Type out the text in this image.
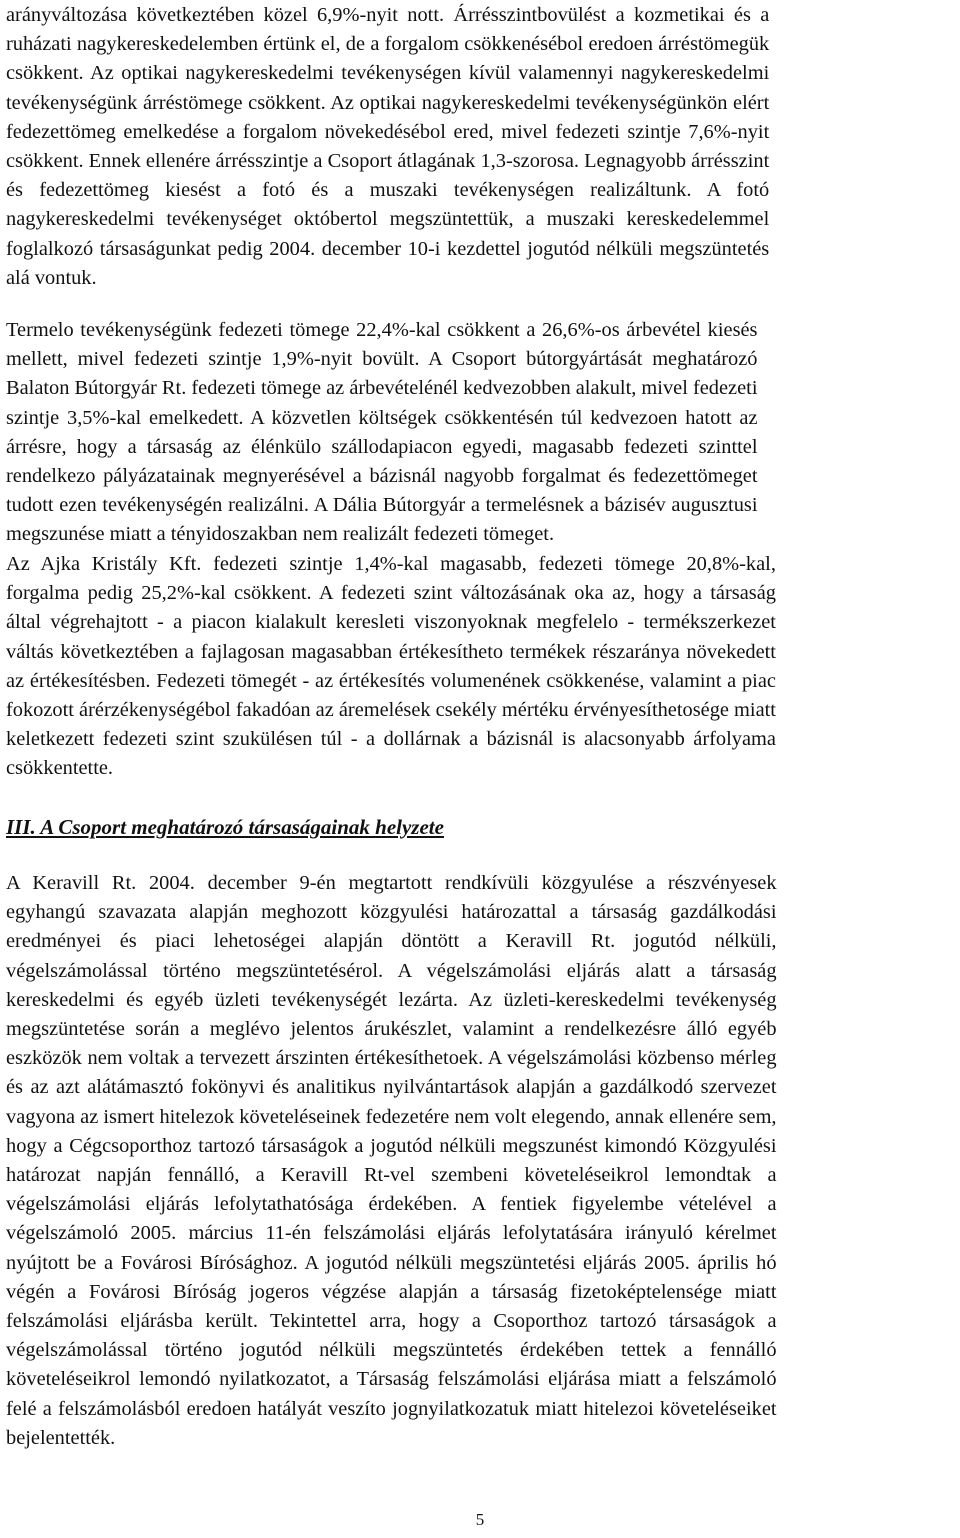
arányváltozása következtében közel 6,9%-nyit nott. Árrésszintbovülést a kozmetikai és a
ruházati nagykereskedelemben értünk el, de a forgalom csökkenésébol eredoen árréstömegük
csökkent. Az optikai nagykereskedelmi tevékenységen kívül valamennyi nagykereskedelmi
tevékenységünk árréstömege csökkent. Az optikai nagykereskedelmi tevékenységünkön elért
fedezettömeg emelkedése a forgalom növekedésébol ered, mivel fedezeti szintje 7,6%-nyit
csökkent. Ennek ellenére árrésszintje a Csoport átlagának 1,3-szorosa. Legnagyobb árrésszint
és fedezettömeg kiesést a fotó és a muszaki tevékenységen realizáltunk. A fotó
nagykereskedelmi tevékenységet októbertol megszüntettük, a muszaki kereskedelemmel
foglalkozó társaságunkat pedig 2004. december 10-i kezdettel jogutód nélküli megszüntetés
alá vontuk.

Termelo tevékenységünk fedezeti tömege 22,4%-kal csökkent a 26,6%-os árbevétel kiesés
mellett, mivel fedezeti szintje 1,9%-nyit bovült. A Csoport bútorgyártását meghatározó
Balaton Bútorgyár Rt. fedezeti tömege az árbevételénél kedvezobben alakult, mivel fedezeti
szintje 3,5%-kal emelkedett. A közvetlen költségek csökkentésén túl kedvezoen hatott az
árrésre, hogy a társaság az élénkülo szállodapiacon egyedi, magasabb fedezeti szinttel
rendelkezo pályázatainak megnyerésével a bázisnál nagyobb forgalmat és fedezettömeget
tudott ezen tevékenységén realizálni. A Dália Bútorgyár a termelésnek a bázisév augusztusi
megszunése miatt a tényidoszakban nem realizált fedezeti tömeget.

Az Ajka Kristály Kft. fedezeti szintje 1,4%-kal magasabb, fedezeti tömege 20,8%-kal,
forgalma pedig 25,2%-kal csökkent. A fedezeti szint változásának oka az, hogy a társaság
által végrehajtott - a piacon kialakult keresleti viszonyoknak megfelelo - termékszerkezet
váltás következtében a fajlagosan magasabban értékesítheto termékek részaránya növekedett
az értékesítésben. Fedezeti tömegét - az értékesítés volumenének csökkenése, valamint a piac
fokozott árérzékenységébol fakadóan az áremelések csekély mértéku érvényesíthetosége miatt
keletkezett fedezeti szint szukülésen túl - a dollárnak a bázisnál is alacsonyabb árfolyama
csökkentette.

III. A Csoport meghatározó társaságainak helyzete

A Keravill Rt. 2004. december 9-én megtartott rendkívüli közgyulése a részvényesek
egyhangú szavazata alapján meghozott közgyulési határozattal a társaság gazdálkodási
eredményei és piaci lehetoségei alapján döntött a Keravill Rt. jogutód nélküli,
végelszámolással történo megszüntetésérol. A végelszámolási eljárás alatt a társaság
kereskedelmi és egyéb üzleti tevékenységét lezárta. Az üzleti-kereskedelmi tevékenység
megszüntetése során a meglévo jelentos árukészlet, valamint a rendelkezésre álló egyéb
eszközök nem voltak a tervezett árszinten értékesíthetoek. A végelszámolási közbenso mérleg
és az azt alátámasztó fokönyvi és analitikus nyilvántartások alapján a gazdálkodó szervezet
vagyona az ismert hitelezok követeléseinek fedezetére nem volt elegendo, annak ellenére sem,
hogy a Cégcsoporthoz tartozó társaságok a jogutód nélküli megszunést kimondó Közgyulési
határozat napján fennálló, a Keravill Rt-vel szembeni követeléseikrol lemondtak a
végelszámolási eljárás lefolytathatósága érdekében. A fentiek figyelembe vételével a
végelszámoló 2005. március 11-én felszámolási eljárás lefolytatására irányuló kérelmet
nyújtott be a Fovárosi Bírósághoz. A jogutód nélküli megszüntetési eljárás 2005. április hó
végén a Fovárosi Bíróság jogeros végzése alapján a társaság fizetoképtelensége miatt
felszámolási eljárásba került. Tekintettel arra, hogy a Csoporthoz tartozó társaságok a
végelszámolással történo jogutód nélküli megszüntetés érdekében tettek a fennálló
követeléseikrol lemondó nyilatkozatot, a Társaság felszámolási eljárása miatt a felszámoló
felé a felszámolásból eredoen hatályát veszíto jognyilatkozatuk miatt hitelezoi követeléseiket
bejelentették.

5
